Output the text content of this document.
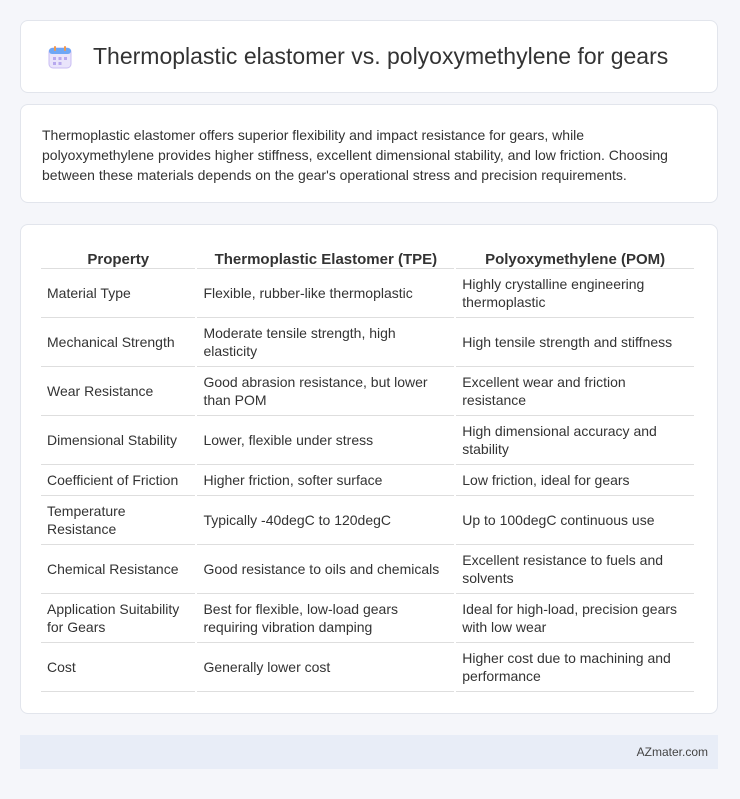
Thermoplastic elastomer vs. polyoxymethylene for gears

Thermoplastic elastomer offers superior flexibility and impact resistance for gears, while polyoxymethylene provides higher stiffness, excellent dimensional stability, and low friction. Choosing between these materials depends on the gear's operational stress and precision requirements.

Property	Thermoplastic Elastomer (TPE)	Polyoxymethylene (POM)
Material Type	Flexible, rubber-like thermoplastic	Highly crystalline engineering thermoplastic
Mechanical Strength	Moderate tensile strength, high elasticity	High tensile strength and stiffness
Wear Resistance	Good abrasion resistance, but lower than POM	Excellent wear and friction resistance
Dimensional Stability	Lower, flexible under stress	High dimensional accuracy and stability
Coefficient of Friction	Higher friction, softer surface	Low friction, ideal for gears
Temperature Resistance	Typically -40degC to 120degC	Up to 100degC continuous use
Chemical Resistance	Good resistance to oils and chemicals	Excellent resistance to fuels and solvents
Application Suitability for Gears	Best for flexible, low-load gears requiring vibration damping	Ideal for high-load, precision gears with low wear
Cost	Generally lower cost	Higher cost due to machining and performance
AZmater.com
